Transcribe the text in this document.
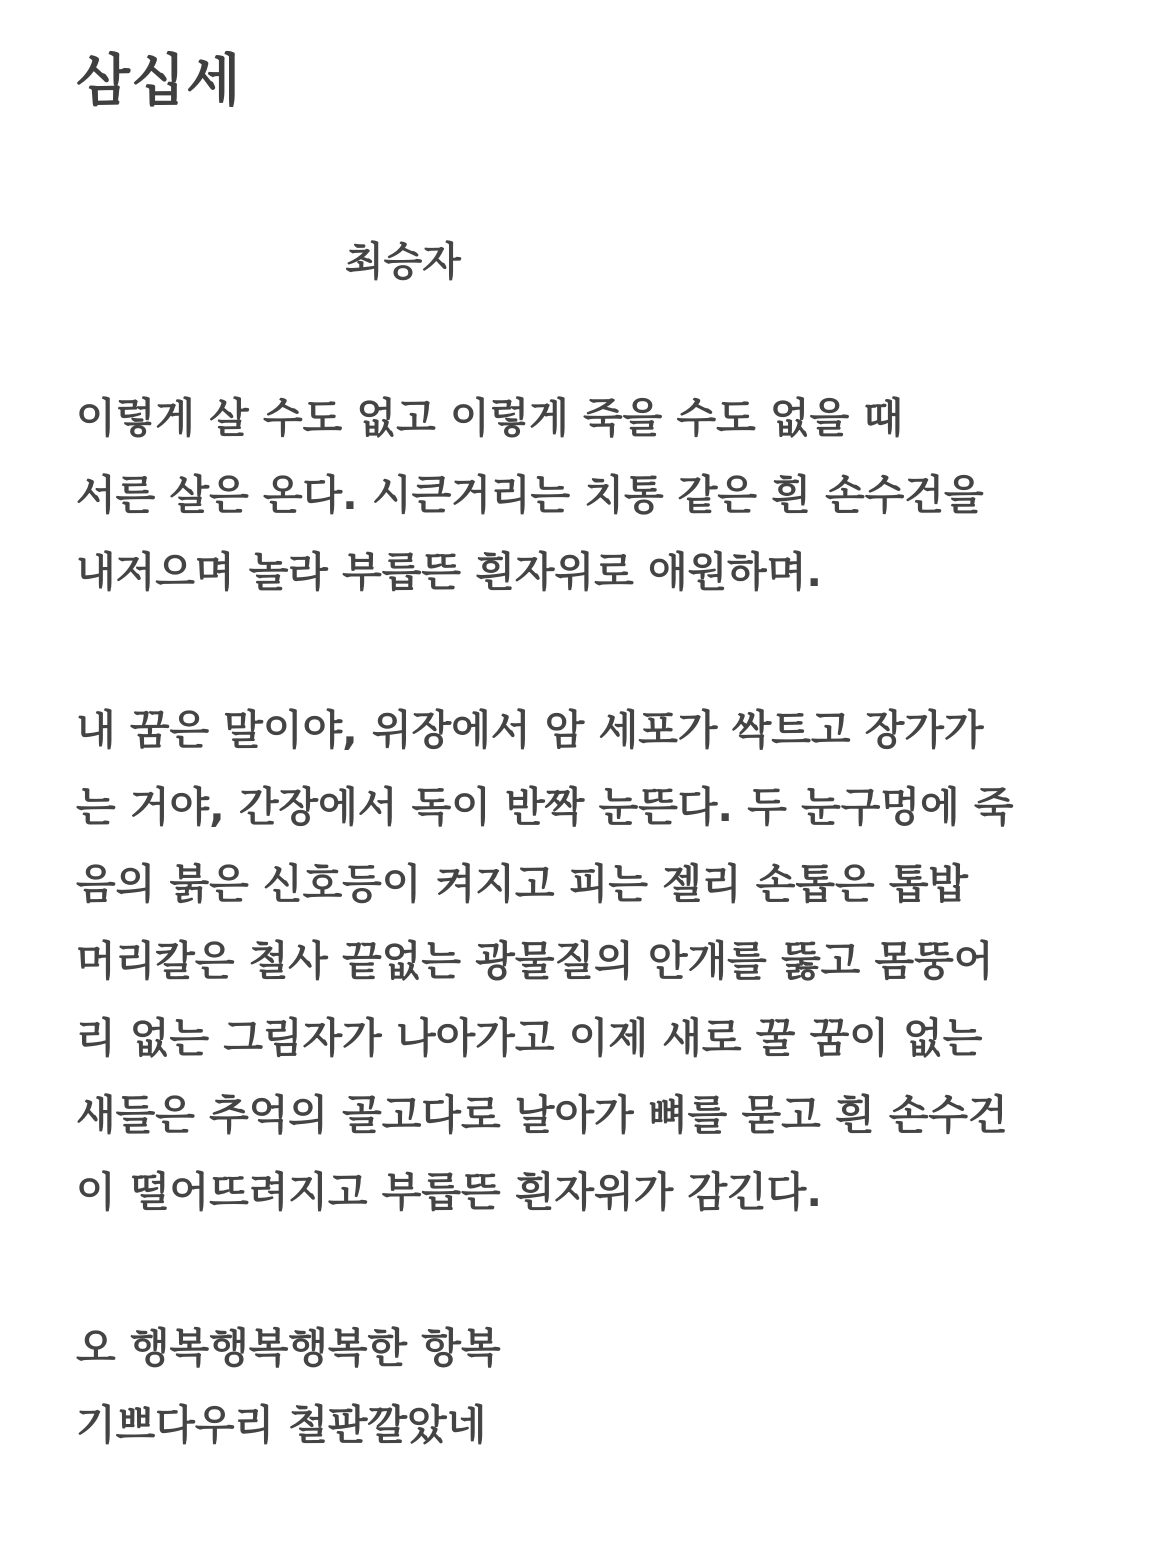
삼십세
최승자
이렇게 살 수도 없고 이렇게 죽을 수도 없을 때
서른 살은 온다. 시큰거리는 치통 같은 흰 손수건을
내저으며 놀라 부릅뜬 흰자위로 애원하며.
내 꿈은 말이야, 위장에서 암 세포가 싹트고 장가가
는 거야, 간장에서 독이 반짝 눈뜬다. 두 눈구멍에 죽
음의 붉은 신호등이 켜지고 피는 젤리 손톱은 톱밥
머리칼은 철사 끝없는 광물질의 안개를 뚫고 몸뚱어
리 없는 그림자가 나아가고 이제 새로 꿀 꿈이 없는
새들은 추억의 골고다로 날아가 뼈를 묻고 흰 손수건
이 떨어뜨려지고 부릅뜬 흰자위가 감긴다.
오 행복행복행복한 항복
기쁘다우리 철판깔았네
